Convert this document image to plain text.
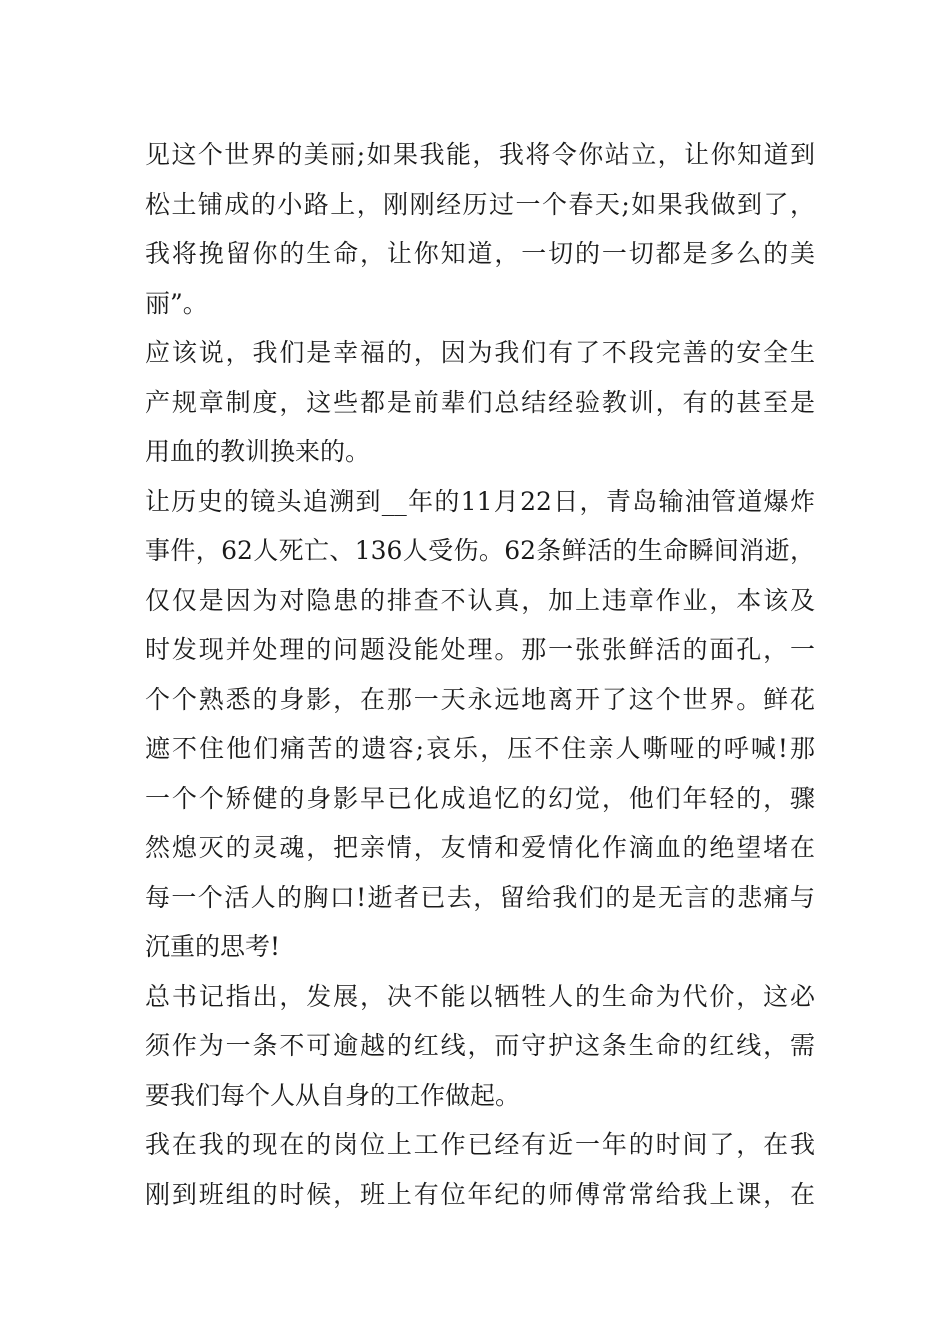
见这个世界的美丽;如果我能，我将令你站立，让你知道到
松土铺成的小路上，刚刚经历过一个春天;如果我做到了，
我将挽留你的生命，让你知道，一切的一切都是多么的美
丽”。
应该说，我们是幸福的，因为我们有了不段完善的安全生
产规章制度，这些都是前辈们总结经验教训，有的甚至是
用血的教训换来的。
让历史的镜头追溯到__年的11月22日，青岛输油管道爆炸
事件，62人死亡、136人受伤。62条鲜活的生命瞬间消逝，
仅仅是因为对隐患的排查不认真，加上违章作业，本该及
时发现并处理的问题没能处理。那一张张鲜活的面孔，一
个个熟悉的身影，在那一天永远地离开了这个世界。鲜花
遮不住他们痛苦的遗容;哀乐，压不住亲人嘶哑的呼喊!那
一个个矫健的身影早已化成追忆的幻觉，他们年轻的，骤
然熄灭的灵魂，把亲情，友情和爱情化作滴血的绝望堵在
每一个活人的胸口!逝者已去，留给我们的是无言的悲痛与
沉重的思考!
总书记指出，发展，决不能以牺牲人的生命为代价，这必
须作为一条不可逾越的红线，而守护这条生命的红线，需
要我们每个人从自身的工作做起。
我在我的现在的岗位上工作已经有近一年的时间了，在我
刚到班组的时候，班上有位年纪的师傅常常给我上课，在
